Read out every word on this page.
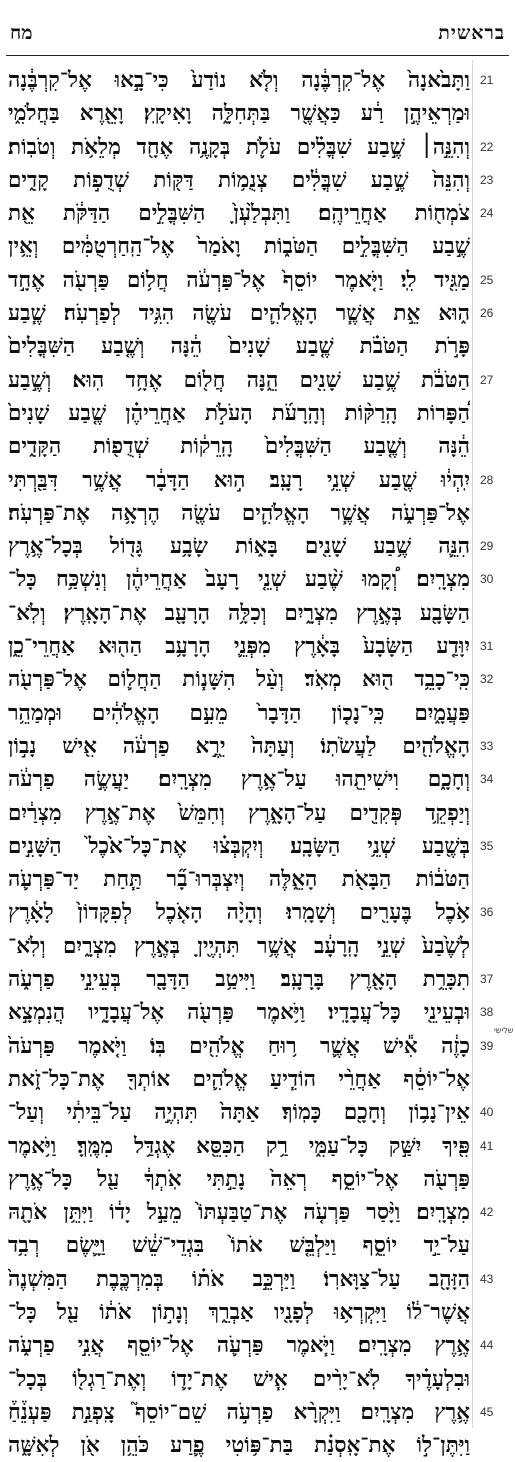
בראשית
מח
21
וַתָּבֹ֙אנָה֙ אֶל־קִרְבֶּ֔נָה וְלֹ֤א נוֹדַע֙ כִּי־בָ֣אוּ אֶל־קִרְבֶּ֔נָה
וּמַרְאֵיהֶ֣ן רַ֔ע כַּאֲשֶׁ֖ר בַּתְּחִלָּ֑ה וָאִיקָֽץ׃ וָאֵ֖רֶא בַּחֲלֹמִ֑י
22
וְהִנֵּ֣ה׀ שֶׁ֣בַע שִׁבֳּלִ֗ים עֹלֹ֛ת בְּקָנֶ֥ה אֶחָ֖ד מְלֵאֹ֥ת וְטֹבֽוֹת׃
23
וְהִנֵּה֙ שֶׁ֣בַע שִׁבֳּלִ֔ים צְנֻמ֥וֹת דַּקּ֖וֹת שְׁדֻפ֣וֹת קָדִ֑ים
24
צֹמְח֖וֹת אַחֲרֵיהֶֽם׃ וַתִּבְלַ֙עְןָ֙ הַשִּׁבֳּלִ֣ים הַדַּקֹּ֔ת אֵ֖ת
שֶׁ֣בַע הַשִּׁבֳּלִ֣ים הַטֹּב֑וֹת וָאֹמַר֙ אֶל־הַֽחַרְטֻמִּ֔ים וְאֵ֥ין
25
מַגִּ֖יד לִֽי׃ וַיֹּ֤אמֶר יוֹסֵף֙ אֶל־פַּרְעֹ֔ה חֲל֥וֹם פַּרְעֹ֖ה אֶחָ֣ד
26
ה֑וּא אֵ֣ת אֲשֶׁ֧ר הָאֱלֹהִ֛ים עֹשֶׂ֖ה הִגִּ֥יד לְפַרְעֹֽה׃ שֶׁ֧בַע
פָּרֹ֣ת הַטֹּבֹ֗ת שֶׁ֤בַע שָׁנִים֙ הֵ֔נָּה וְשֶׁ֤בַע הַשִּׁבֳּלִים֙
27
הַטֹּבֹ֔ת שֶׁ֥בַע שָׁנִ֖ים הֵ֑נָּה חֲל֖וֹם אֶחָ֥ד הֽוּא׃ וְשֶׁ֣בַע
הַ֠פָּרוֹת הָֽרַקּ֨וֹת וְהָֽרָעֹ֜ת הָעֹלֹ֣ת אַחֲרֵיהֶ֗ן שֶׁ֤בַע שָׁנִים֙
הֵ֔נָּה וְשֶׁ֤בַע הַשִּׁבֳּלִים֙ הָֽרֵק֔וֹת שְׁדֻפ֖וֹת הַקָּדִ֑ים
28
יִֽהְי֔וּ שֶׁ֖בַע שְׁנֵ֥י רָעָֽב׃ ה֣וּא הַדָּבָ֔ר אֲשֶׁ֥ר דִּבַּ֖רְתִּי
אֶל־פַּרְעֹ֑ה אֲשֶׁ֧ר הָאֱלֹהִ֛ים עֹשֶׂ֖ה הֶרְאָ֥ה אֶת־פַּרְעֹֽה׃
29
הִנֵּ֛ה שֶׁ֥בַע שָׁנִ֖ים בָּא֑וֹת שָׂבָ֥ע גָּד֖וֹל בְּכָל־אֶ֥רֶץ
30
מִצְרָֽיִם׃ וְ֠קָמוּ שֶׁ֨בַע שְׁנֵ֤י רָעָב֙ אַחֲרֵיהֶ֔ן וְנִשְׁכַּ֥ח כָּל־
הַשָּׂבָ֖ע בְּאֶ֣רֶץ מִצְרָ֑יִם וְכִלָּ֥ה הָרָעָ֖ב אֶת־הָאָֽרֶץ׃ וְלֹֽא־
31
יִוָּדַ֤ע הַשָּׂבָע֙ בָּאָ֔רֶץ מִפְּנֵ֛י הָרָעָ֥ב הַה֖וּא אַחֲרֵי־כֵ֑ן
32
כִּֽי־כָבֵ֥ד ה֖וּא מְאֹֽד׃ וְעַ֨ל הִשָּׁנ֧וֹת הַחֲל֛וֹם אֶל־פַּרְעֹ֖ה
פַּעֲמָ֑יִם כִּֽי־נָכ֤וֹן הַדָּבָר֙ מֵעִ֣ם הָאֱלֹהִ֔ים וּמְמַהֵ֥ר
33
הָאֱלֹהִ֖ים לַעֲשֹׂתֽוֹ׃ וְעַתָּה֙ יֵרֶ֣א פַרְעֹ֔ה אִ֖ישׁ נָב֣וֹן
34
וְחָכָ֑ם וִישִׁיתֵ֖הוּ עַל־אֶ֥רֶץ מִצְרָֽיִם׃ יַעֲשֶׂ֣ה פַרְעֹ֔ה
וְיַפְקֵ֥ד פְּקִדִ֖ים עַל־הָאָ֑רֶץ וְחִמֵּשׁ֙ אֶת־אֶ֣רֶץ מִצְרַ֔יִם
35
בְּשֶׁ֖בַע שְׁנֵ֥י הַשָּׂבָֽע׃ וְיִקְבְּצ֗וּ אֶת־כָּל־אֹ֙כֶל֙ הַשָּׁנִ֣ים
הַטֹּב֔וֹת הַבָּאֹ֖ת הָאֵ֑לֶּה וְיִצְבְּרוּ־בָ֞ר תַּ֧חַת יַד־פַּרְעֹ֛ה
36
אֹ֥כֶל בֶּעָרִ֖ים וְשָׁמָֽרוּ׃ וְהָיָ֨ה הָאֹ֤כֶל לְפִקָּדוֹן֙ לָאָ֔רֶץ
לְשֶׁ֙בַע֙ שְׁנֵ֣י הָֽרָעָ֔ב אֲשֶׁ֥ר תִּהְיֶ֖יןָ בְּאֶ֣רֶץ מִצְרָ֑יִם וְלֹֽא־
37
תִכָּרֵ֥ת הָאָ֖רֶץ בָּרָעָֽב׃ וַיִּיטַ֥ב הַדָּבָ֖ר בְּעֵינֵ֣י פַרְעֹ֑ה
38
וּבְעֵינֵ֖י כָּל־עֲבָדָֽיו׃ וַיֹּ֥אמֶר פַּרְעֹ֖ה אֶל־עֲבָדָ֑יו הֲנִמְצָ֣א
39
שלישי
כָזֶ֔ה אִ֕ישׁ אֲשֶׁ֛ר ר֥וּחַ אֱלֹהִ֖ים בּֽוֹ׃ וַיֹּ֤אמֶר פַּרְעֹה֙
אֶל־יוֹסֵ֔ף אַחֲרֵ֨י הוֹדִ֧יעַ אֱלֹהִ֛ים אוֹתְךָ֖ אֶת־כָּל־זֹ֑את
40
אֵין־נָב֥וֹן וְחָכָ֖ם כָּמֽוֹךָ׃ אַתָּה֙ תִּהְיֶ֣ה עַל־בֵּיתִ֔י וְעַל־
41
פִּ֖יךָ יִשַּׁ֣ק כָּל־עַמִּ֑י רַ֥ק הַכִּסֵּ֖א אֶגְדַּ֥ל מִמֶּֽךָּ׃ וַיֹּ֥אמֶר
פַּרְעֹ֖ה אֶל־יוֹסֵ֑ף רְאֵה֙ נָתַ֣תִּי אֹֽתְךָ֔ עַ֖ל כָּל־אֶ֥רֶץ
42
מִצְרָֽיִם׃ וַיָּ֨סַר פַּרְעֹ֤ה אֶת־טַבַּעְתּוֹ֙ מֵעַ֣ל יָד֔וֹ וַיִּתֵּ֥ן אֹתָ֖הּ
עַל־יַ֣ד יוֹסֵ֑ף וַיַּלְבֵּ֤שׁ אֹתוֹ֙ בִּגְדֵי־שֵׁ֔שׁ וַיָּ֛שֶׂם רְבִ֥ד
43
הַזָּהָ֖ב עַל־צַוָּארֽוֹ׃ וַיַּרְכֵּ֣ב אֹת֗וֹ בְּמִרְכֶּ֤בֶת הַמִּשְׁנֶה֙
אֲשֶׁר־ל֔וֹ וַיִּקְרְא֥וּ לְפָנָ֖יו אַבְרֵ֑ךְ וְנָת֣וֹן אֹת֔וֹ עַ֖ל כָּל־
44
אֶ֥רֶץ מִצְרָֽיִם׃ וַיֹּ֧אמֶר פַּרְעֹ֛ה אֶל־יוֹסֵ֖ף אֲנִ֣י פַרְעֹ֑ה
וּבִלְעָדֶ֗יךָ לֹֽא־יָרִ֨ים אִ֧ישׁ אֶת־יָד֛וֹ וְאֶת־רַגְל֖וֹ בְּכָל־
45
אֶ֥רֶץ מִצְרָֽיִם׃ וַיִּקְרָ֨א פַרְעֹ֣ה שֵׁם־יוֹסֵף֮ צָֽפְנַ֣ת פַּעְנֵ֒חַ֒
וַיִּתֶּן־ל֣וֹ אֶת־אָֽסְנַ֗ת בַּת־פּ֥וֹטִי פֶ֛רַע כֹּהֵ֥ן אֹ֖ן לְאִשָּׁ֑ה
